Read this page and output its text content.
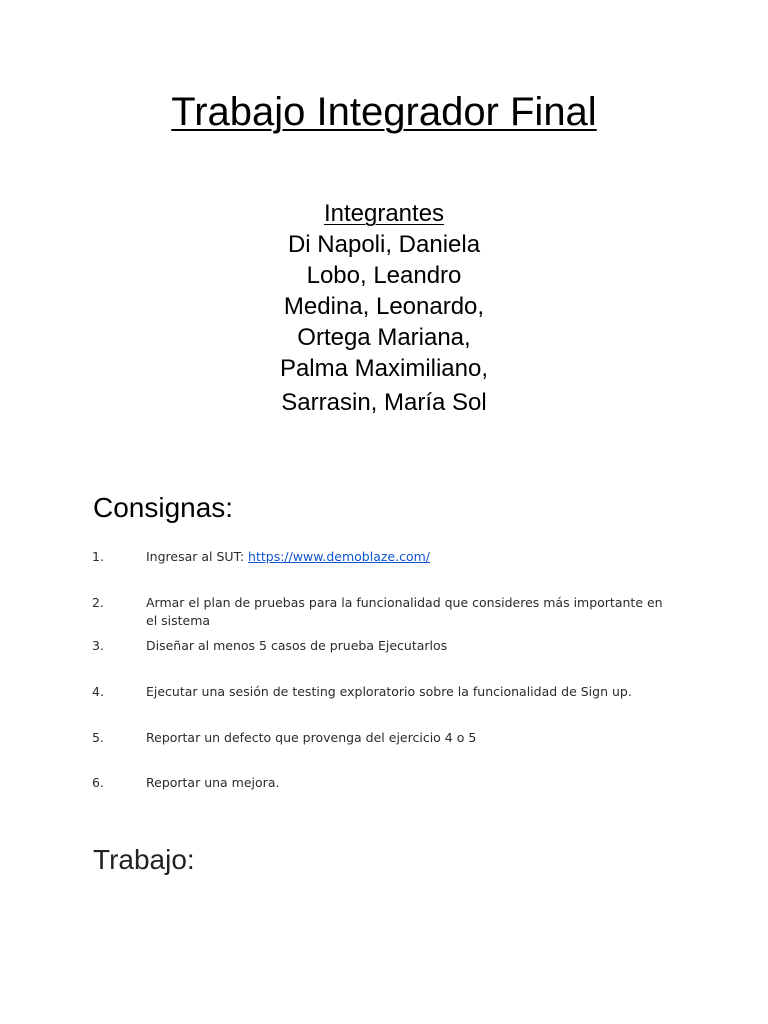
Trabajo Integrador Final
Integrantes
Di Napoli, Daniela
Lobo, Leandro
Medina, Leonardo,
Ortega Mariana,
Palma Maximiliano,
Sarrasin, María Sol
Consignas:
1.	Ingresar al SUT: https://www.demoblaze.com/
2.	Armar el plan de pruebas para la funcionalidad que consideres más importante en el sistema
3.	Diseñar al menos 5 casos de prueba Ejecutarlos
4.	Ejecutar una sesión de testing exploratorio sobre la funcionalidad de Sign up.
5.	Reportar un defecto que provenga del ejercicio 4 o 5
6.	Reportar una mejora.
Trabajo:
